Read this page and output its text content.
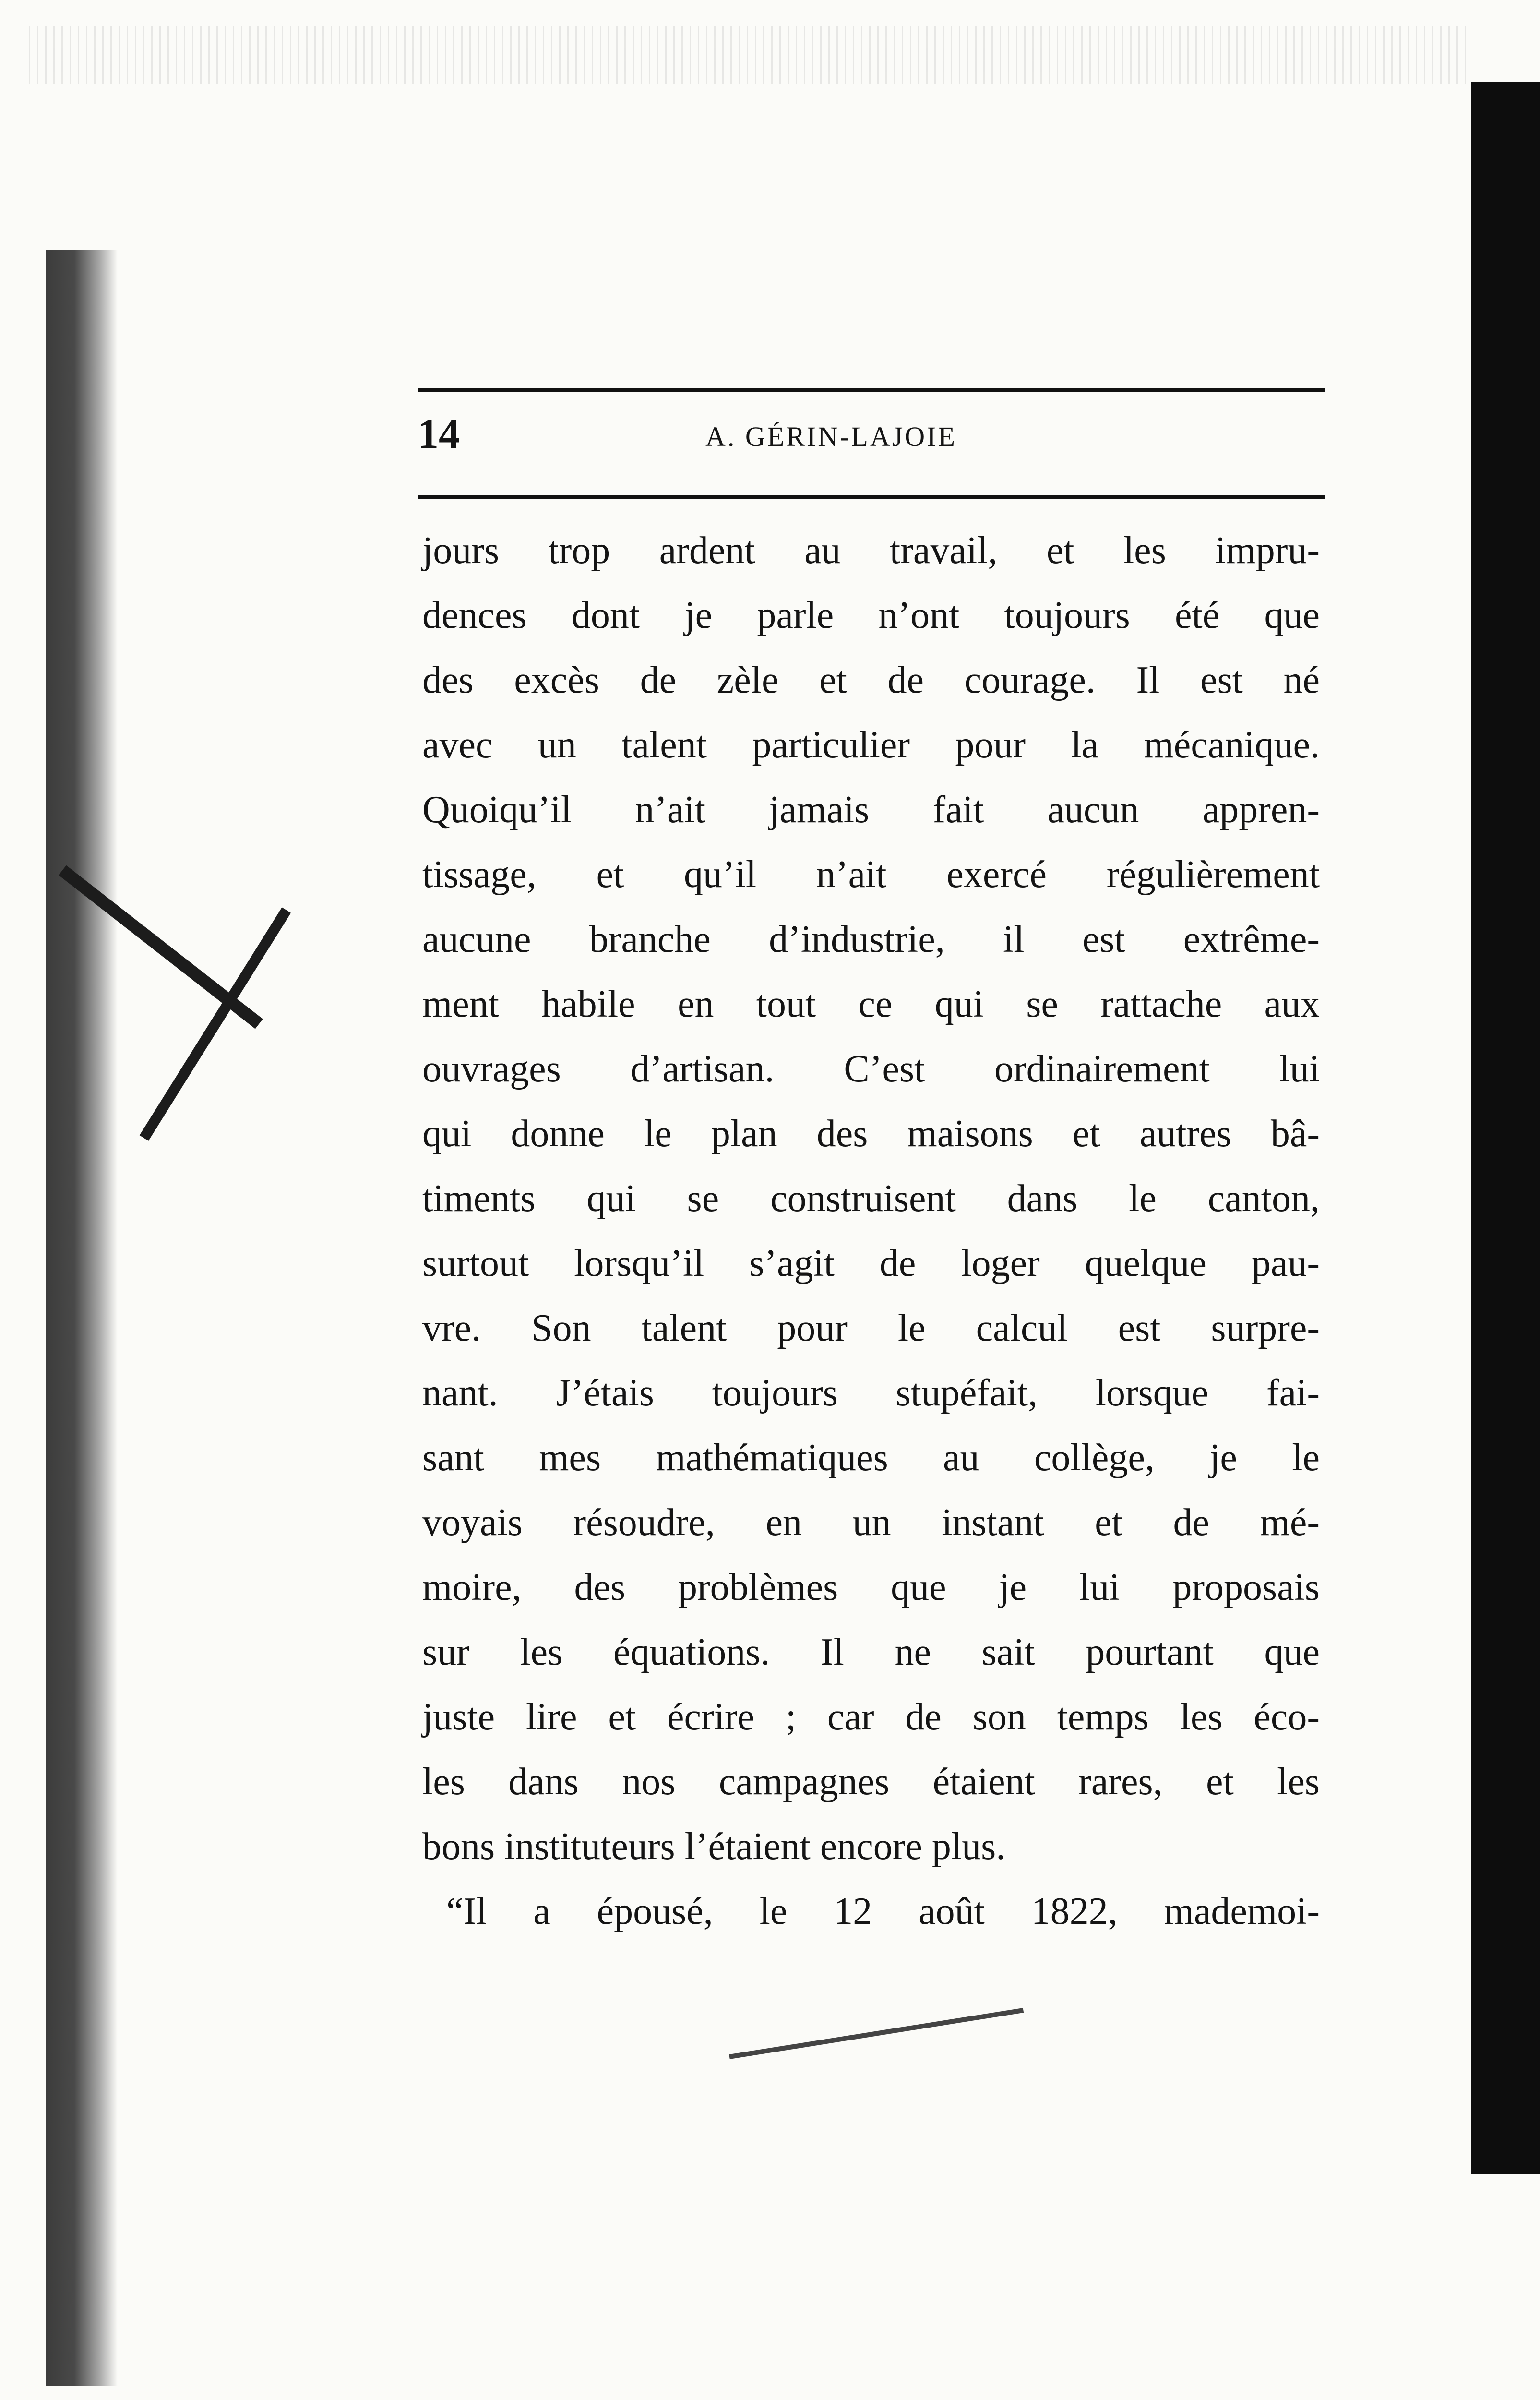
14	A. GÉRIN-LAJOIE

jours trop ardent au travail, et les impru-

dences dont je parle n’ont toujours été que

des excès de zèle et de courage. Il est né

avec un talent particulier pour la mécanique.

Quoiqu’il n’ait jamais fait aucun appren-

tissage, et qu’il n’ait exercé régulièrement

aucune branche d’industrie, il est extrême-

ment habile en tout ce qui se rattache aux

ouvrages d’artisan. C’est ordinairement lui

qui donne le plan des maisons et autres bâ-

timents qui se construisent dans le canton,

surtout lorsqu’il s’agit de loger quelque pau-

vre. Son talent pour le calcul est surpre-

nant. J’étais toujours stupéfait, lorsque fai-

sant mes mathématiques au collège, je le

voyais résoudre, en un instant et de mé-

moire, des problèmes que je lui proposais

sur les équations. Il ne sait pourtant que

juste lire et écrire ; car de son temps les éco-

les dans nos campagnes étaient rares, et les

bons instituteurs l’étaient encore plus.

“Il a épousé, le 12 août 1822, mademoi-
